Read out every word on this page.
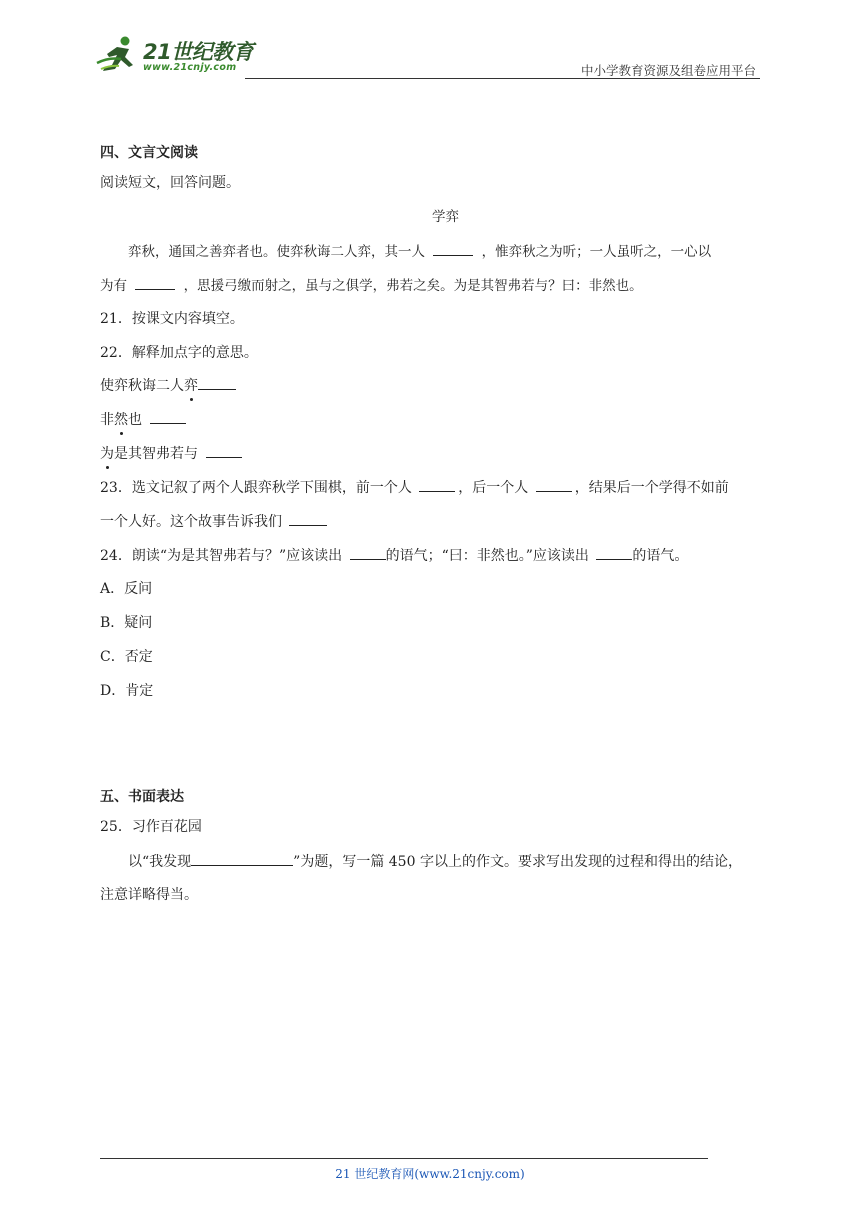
21世纪教育
www.21cnjy.com	中小学教育资源及组卷应用平台
四、文言文阅读
阅读短文，回答问题。
学弈
弈秋，通国之善弈者也。使弈秋诲二人弈，其一人	，惟弈秋之为听；一人虽听之，一心以
为有	，思援弓缴而射之，虽与之俱学，弗若之矣。为是其智弗若与？曰：非然也。
21．按课文内容填空。
22．解释加点字的意思。
使弈秋诲二人弈
非然也
为是其智弗若与
23．选文记叙了两个人跟弈秋学下围棋，前一个人	，后一个人	，结果后一个学得不如前
一个人好。这个故事告诉我们
24．朗读“为是其智弗若与？”应该读出	的语气；“曰：非然也。”应该读出	的语气。
A．反问
B．疑问
C．否定
D．肯定
五、书面表达
25．习作百花园
以“我发现	”为题，写一篇 450 字以上的作文。要求写出发现的过程和得出的结论，
注意详略得当。
21 世纪教育网(www.21cnjy.com)
